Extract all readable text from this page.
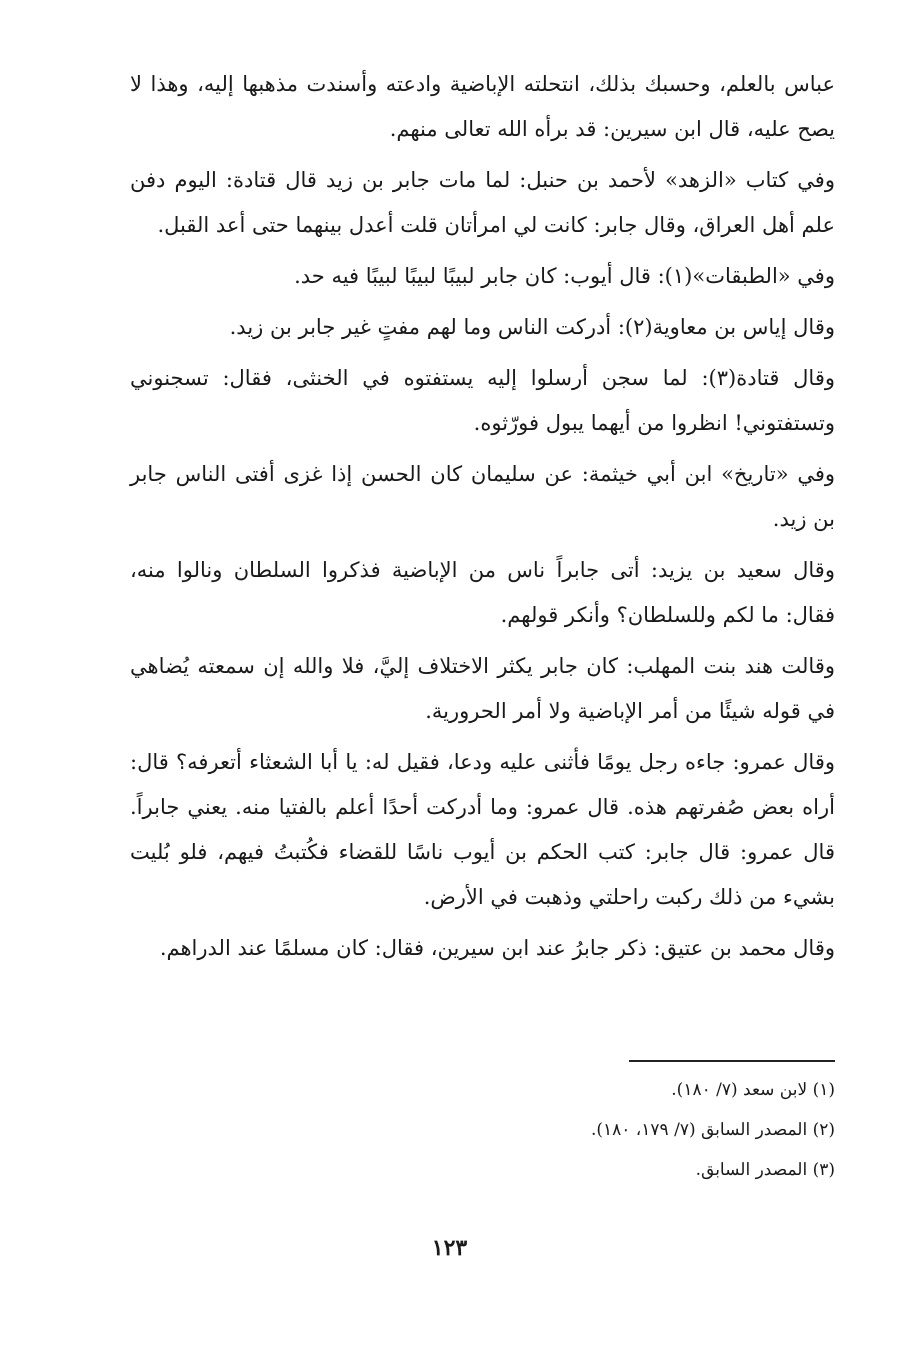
عباس بالعلم، وحسبك بذلك، انتحلته الإباضية وادعته وأسندت مذهبها إليه، وهذا لا يصح عليه، قال ابن سيرين: قد برأه الله تعالى منهم.

وفي كتاب «الزهد» لأحمد بن حنبل: لما مات جابر بن زيد قال قتادة: اليوم دفن علم أهل العراق، وقال جابر: كانت لي امرأتان قلت أعدل بينهما حتى أعد القبل.

وفي «الطبقات»(١): قال أيوب: كان جابر لبيبًا لبيبًا لبيبًا فيه حد.

وقال إياس بن معاوية(٢): أدركت الناس وما لهم مفتٍ غير جابر بن زيد.

وقال قتادة(٣): لما سجن أرسلوا إليه يستفتوه في الخنثى، فقال: تسجنوني وتستفتوني! انظروا من أيهما يبول فورّثوه.

وفي «تاريخ» ابن أبي خيثمة: عن سليمان كان الحسن إذا غزى أفتى الناس جابر بن زيد.

وقال سعيد بن يزيد: أتى جابراً ناس من الإباضية فذكروا السلطان ونالوا منه، فقال: ما لكم وللسلطان؟ وأنكر قولهم.

وقالت هند بنت المهلب: كان جابر يكثر الاختلاف إليَّ، فلا والله إن سمعته يُضاهي في قوله شيئًا من أمر الإباضية ولا أمر الحرورية.

وقال عمرو: جاءه رجل يومًا فأثنى عليه ودعا، فقيل له: يا أبا الشعثاء أتعرفه؟ قال: أراه بعض صُفرتهم هذه. قال عمرو: وما أدركت أحدًا أعلم بالفتيا منه. يعني جابراً. قال عمرو: قال جابر: كتب الحكم بن أيوب ناسًا للقضاء فكُتبتُ فيهم، فلو بُليت بشيء من ذلك ركبت راحلتي وذهبت في الأرض.

وقال محمد بن عتيق: ذكر جابرُ عند ابن سيرين، فقال: كان مسلمًا عند الدراهم.

(١) لابن سعد (٧/ ١٨٠).

(٢) المصدر السابق (٧/ ١٧٩، ١٨٠).

(٣) المصدر السابق.

١٢٣
